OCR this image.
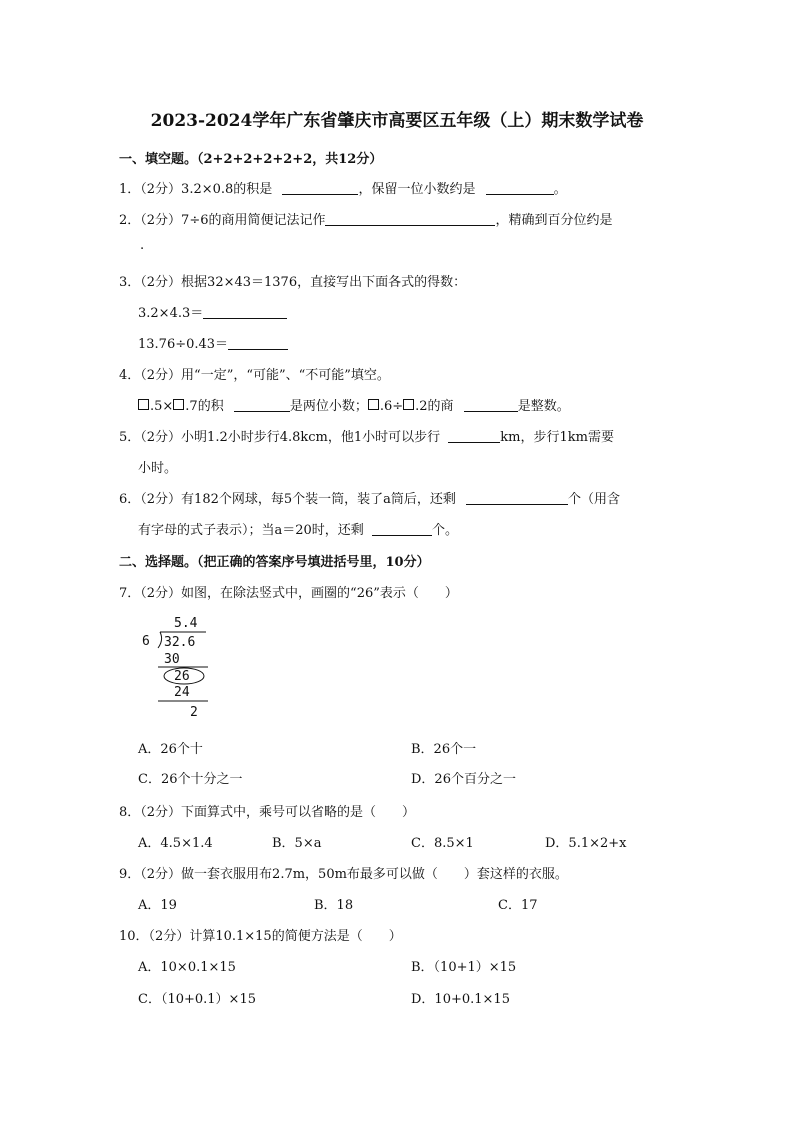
2023-2024学年广东省肇庆市高要区五年级（上）期末数学试卷
一、填空题。（2+2+2+2+2+2，共12分）
1．（2分）3.2×0.8的积是	，保留一位小数约是	。
2．（2分）7÷6的商用简便记法记作	，精确到百分位约是
.
3．（2分）根据32×43＝1376，直接写出下面各式的得数：
3.2×4.3＝
13.76÷0.43＝
4．（2分）用“一定”，“可能”、“不可能”填空。
.5× .7的积	是两位小数； .6÷ .2的商	是整数。
5．（2分）小明1.2小时步行4.8kcm，他1小时可以步行	km，步行1km需要
小时。
6．（2分）有182个网球，每5个装一筒，装了a筒后，还剩	个（用含
有字母的式子表示）；当a＝20时，还剩	个。
二、选择题。（把正确的答案序号填进括号里，10分）
7．（2分）如图，在除法竖式中，画圈的“26”表示（　　）
5.4
6 32.6
30
26
24
2
A．26个十	B．26个一
C．26个十分之一	D．26个百分之一
8．（2分）下面算式中，乘号可以省略的是（　　）
A．4.5×1.4	B．5×a	C．8.5×1	D．5.1×2+x
9．（2分）做一套衣服用布2.7m，50m布最多可以做（　　）套这样的衣服。
A．19	B．18	C．17
10．（2分）计算10.1×15的简便方法是（　　）
A．10×0.1×15	B．（10+1）×15
C．（10+0.1）×15	D．10+0.1×15
